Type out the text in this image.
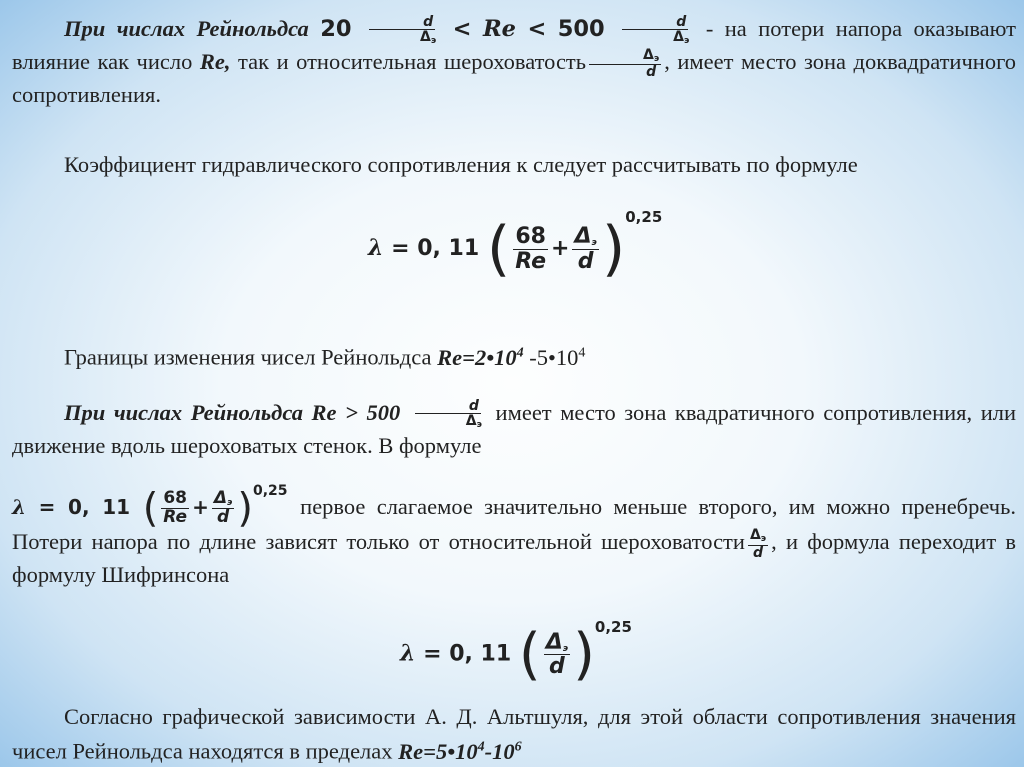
При числах Рейнольдса $20 \frac{d}{\Delta_э} < Re < 500 \frac{d}{\Delta_э}$ - на потери напора оказывают влияние как число Re, так и относительная шероховатость $\frac{\Delta_э}{d}$ , имеет место зона доквадратичного сопротивления.

Коэффициент гидравлического сопротивления к следует рассчитывать по формуле

λ = 0, 11 ( $\frac{68}{Re} + \frac{\Delta_э}{d} )^{0,25}$

Границы изменения чисел Рейнольдса $Re=2•10^4$ $-5•10^4$

При числах Рейнольдса $Re > 500 \frac{d}{\Delta_э}$ имеет место зона квадратичного сопротивления, или движение вдоль шероховатых стенок. В формуле

λ = 0, 11 ( $\frac{68}{Re} + \frac{\Delta_э}{d} )^{0,25}$ первое слагаемое значительно меньше второго, им можно пренебречь. Потери напора по длине зависят только от относительной шероховатости $\frac{\Delta_э}{d}$ , и формула переходит в формулу Шифринсона

λ = 0, 11 ( $\frac{\Delta_э}{d} )^{0,25}$

Согласно графической зависимости А. Д. Альтшуля, для этой области сопротивления значения чисел Рейнольдса находятся в пределах $Re=5•10^4-10^6$
